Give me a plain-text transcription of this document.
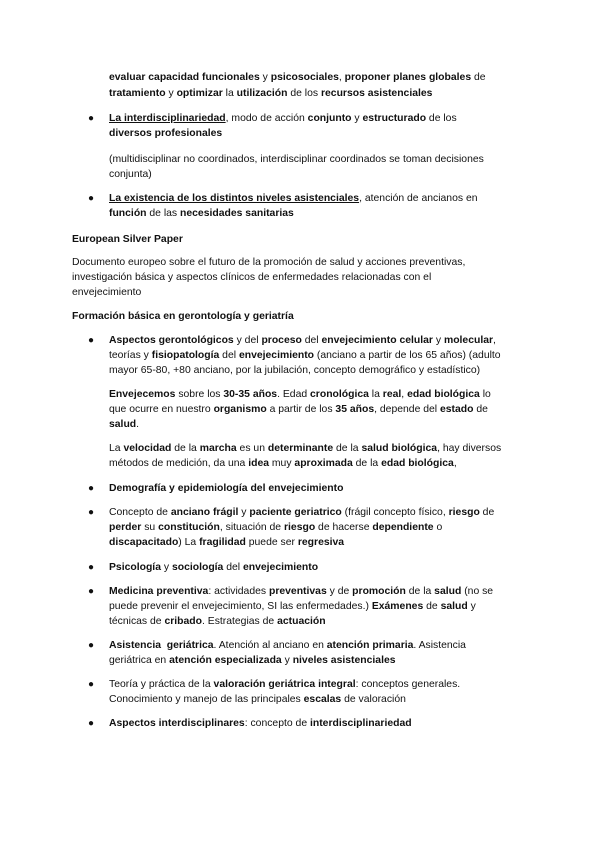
evaluar capacidad funcionales y psicosociales, proponer planes globales de
tratamiento y optimizar la utilización de los recursos asistenciales
●	La interdisciplinariedad, modo de acción conjunto y estructurado de los
diversos profesionales
(multidisciplinar no coordinados, interdisciplinar coordinados se toman decisiones
conjunta)
●	La existencia de los distintos niveles asistenciales, atención de ancianos en
función de las necesidades sanitarias
European Silver Paper
Documento europeo sobre el futuro de la promoción de salud y acciones preventivas,
investigación básica y aspectos clínicos de enfermedades relacionadas con el
envejecimiento
Formación básica en gerontología y geriatría
●	Aspectos gerontológicos y del proceso del envejecimiento celular y molecular,
teorías y fisiopatología del envejecimiento (anciano a partir de los 65 años) (adulto
mayor 65-80, +80 anciano, por la jubilación, concepto demográfico y estadístico)
Envejecemos sobre los 30-35 años. Edad cronológica la real, edad biológica lo
que ocurre en nuestro organismo a partir de los 35 años, depende del estado de
salud.
La velocidad de la marcha es un determinante de la salud biológica, hay diversos
métodos de medición, da una idea muy aproximada de la edad biológica,
●	Demografía y epidemiología del envejecimiento
●	Concepto de anciano frágil y paciente geriatrico (frágil concepto físico, riesgo de
perder su constitución, situación de riesgo de hacerse dependiente o
discapacitado) La fragilidad puede ser regresiva
●	Psicología y sociología del envejecimiento
●	Medicina preventiva: actividades preventivas y de promoción de la salud (no se
puede prevenir el envejecimiento, SI las enfermedades.) Exámenes de salud y
técnicas de cribado. Estrategias de actuación
●	Asistencia  geriátrica. Atención al anciano en atención primaria. Asistencia
geriátrica en atención especializada y niveles asistenciales
●	Teoría y práctica de la valoración geriátrica integral: conceptos generales.
Conocimiento y manejo de las principales escalas de valoración
●	Aspectos interdisciplinares: concepto de interdisciplinariedad
